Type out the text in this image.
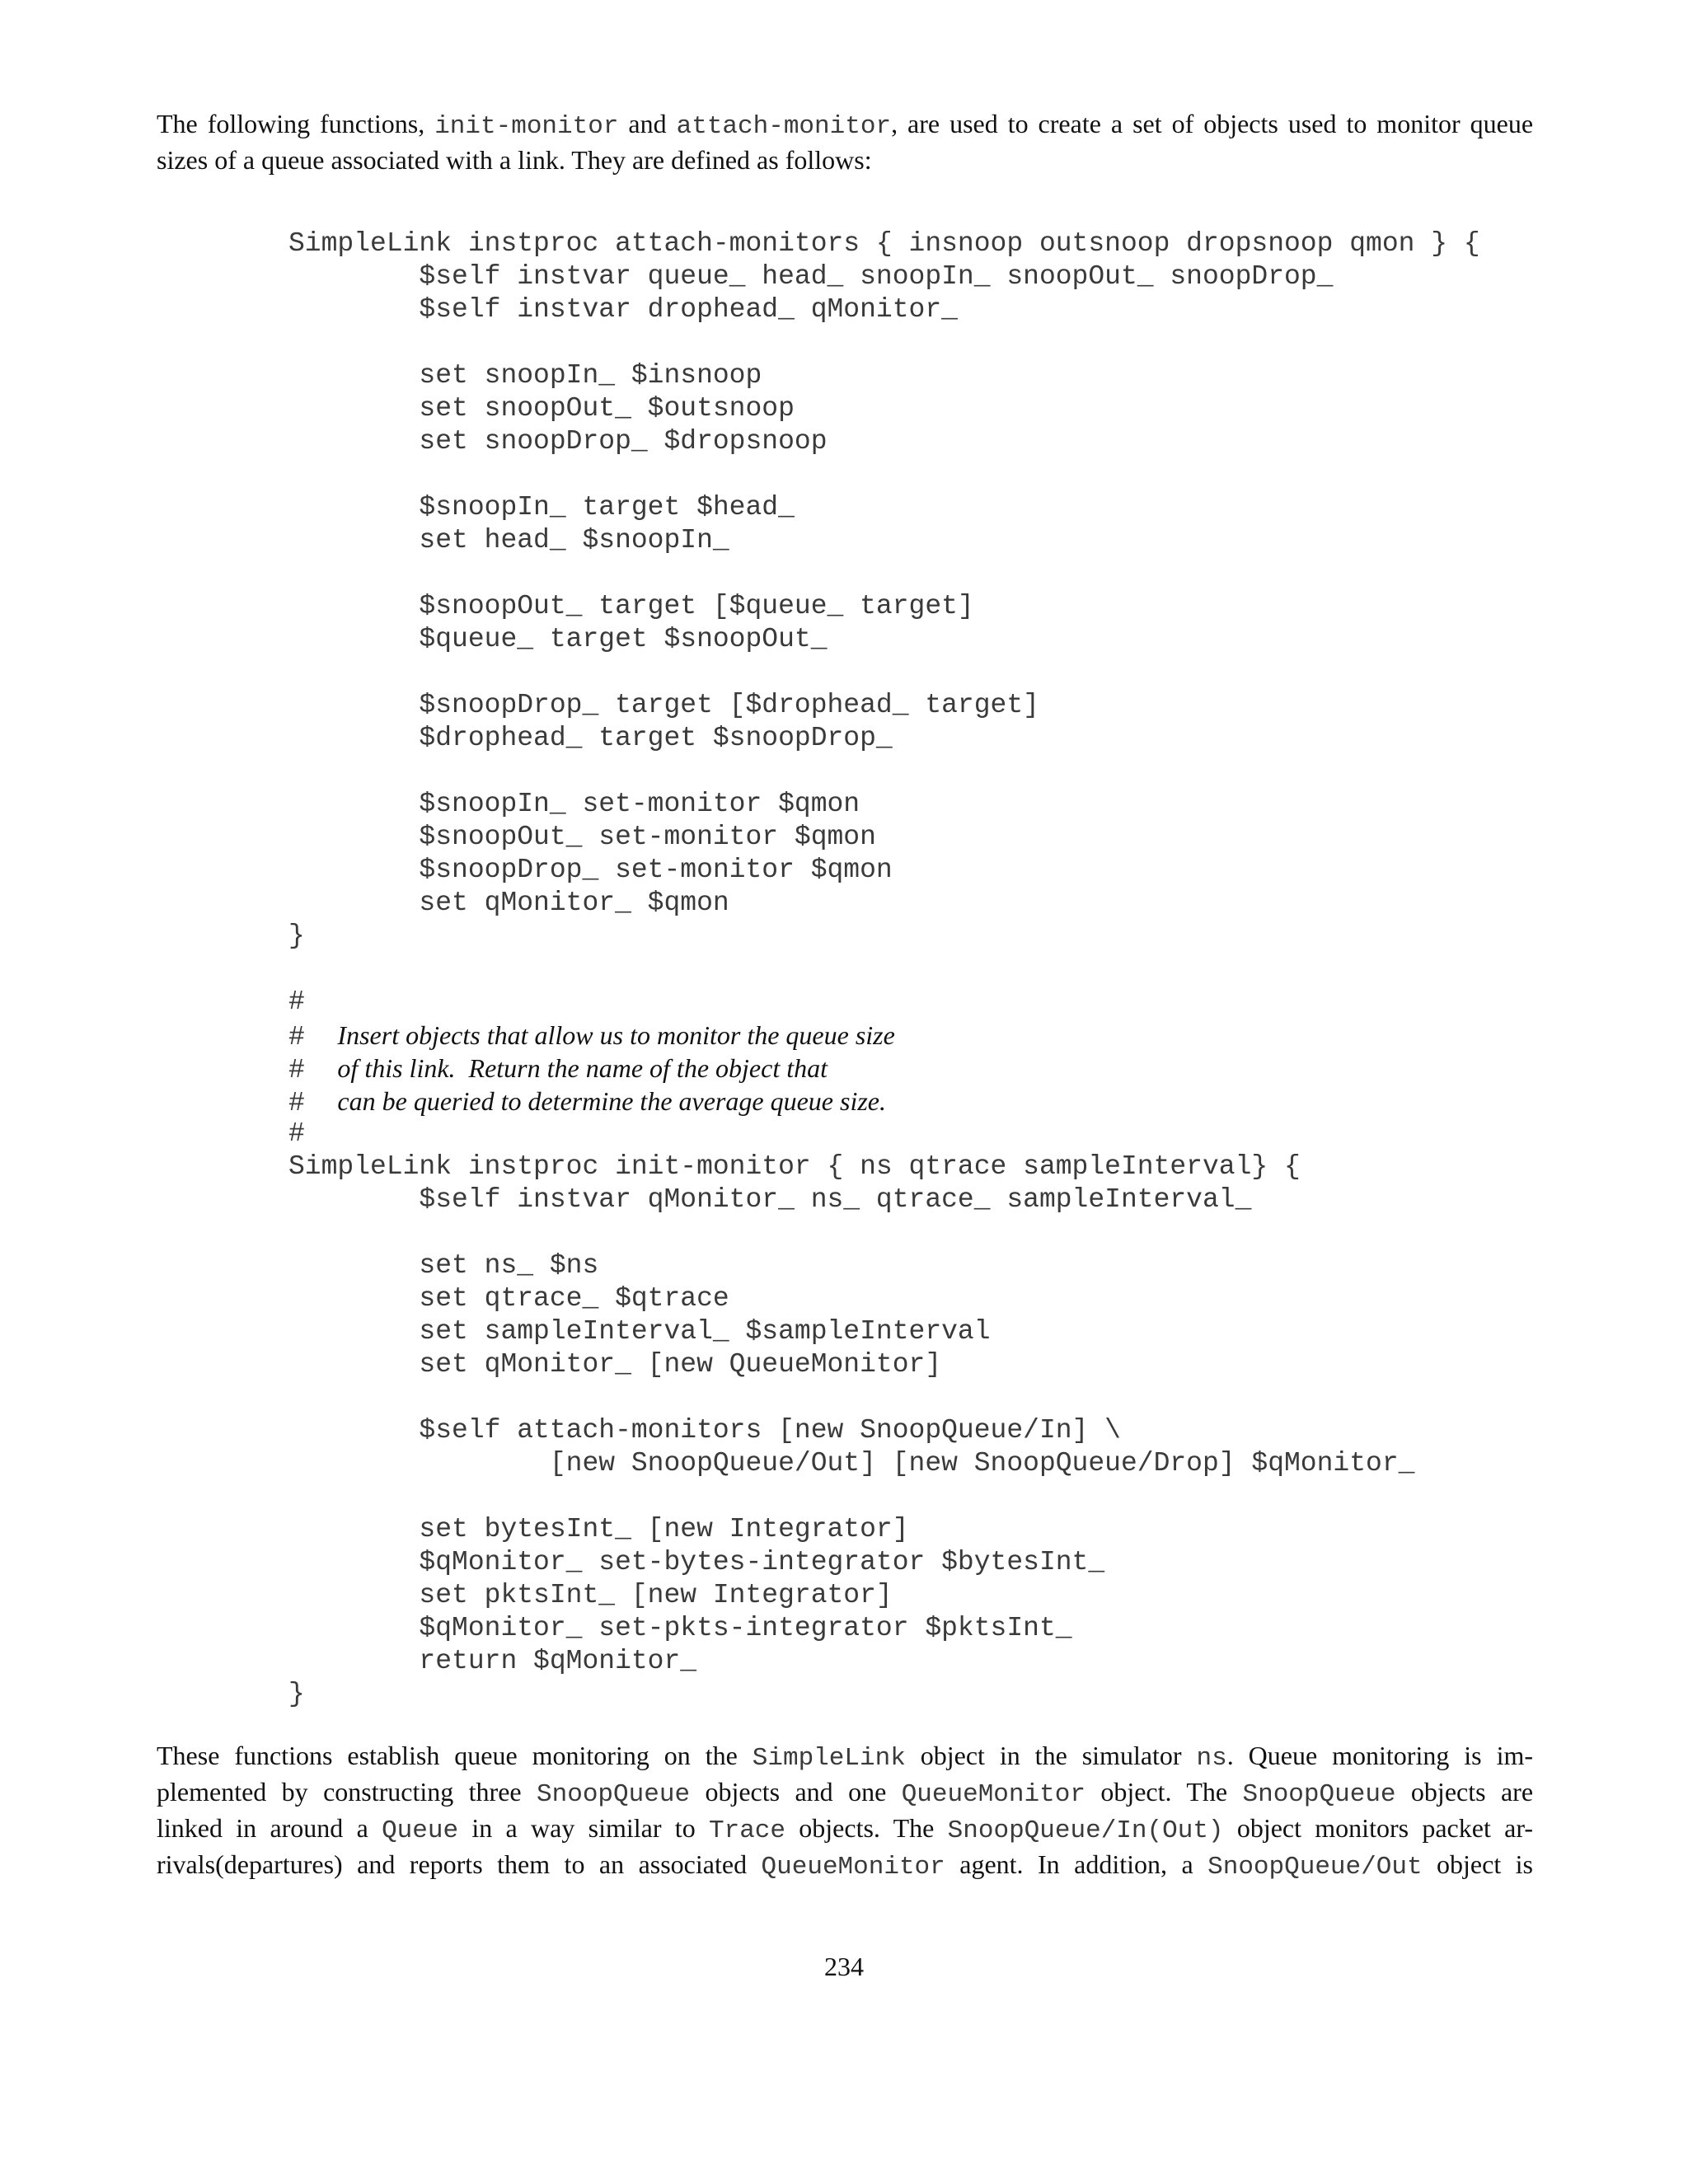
The following functions, init-monitor and attach-monitor, are used to create a set of objects used to monitor queue
sizes of a queue associated with a link. They are defined as follows:

SimpleLink instproc attach-monitors { insnoop outsnoop dropsnoop qmon } {
$self instvar queue_ head_ snoopIn_ snoopOut_ snoopDrop_
$self instvar drophead_ qMonitor_
set snoopIn_ $insnoop
set snoopOut_ $outsnoop
set snoopDrop_ $dropsnoop
$snoopIn_ target $head_
set head_ $snoopIn_
$snoopOut_ target [$queue_ target]
$queue_ target $snoopOut_
$snoopDrop_ target [$drophead_ target]
$drophead_ target $snoopDrop_
$snoopIn_ set-monitor $qmon
$snoopOut_ set-monitor $qmon
$snoopDrop_ set-monitor $qmon
set qMonitor_ $qmon
}
#
# Insert objects that allow us to monitor the queue size
# of this link.  Return the name of the object that
# can be queried to determine the average queue size.
#
SimpleLink instproc init-monitor { ns qtrace sampleInterval} {
$self instvar qMonitor_ ns_ qtrace_ sampleInterval_
set ns_ $ns
set qtrace_ $qtrace
set sampleInterval_ $sampleInterval
set qMonitor_ [new QueueMonitor]
$self attach-monitors [new SnoopQueue/In] \
[new SnoopQueue/Out] [new SnoopQueue/Drop] $qMonitor_
set bytesInt_ [new Integrator]
$qMonitor_ set-bytes-integrator $bytesInt_
set pktsInt_ [new Integrator]
$qMonitor_ set-pkts-integrator $pktsInt_
return $qMonitor_
}

These functions establish queue monitoring on the SimpleLink object in the simulator ns. Queue monitoring is im-
plemented by constructing three SnoopQueue objects and one QueueMonitor object. The SnoopQueue objects are
linked in around a Queue in a way similar to Trace objects. The SnoopQueue/In(Out) object monitors packet ar-
rivals(departures) and reports them to an associated QueueMonitor agent. In addition, a SnoopQueue/Out object is

234
